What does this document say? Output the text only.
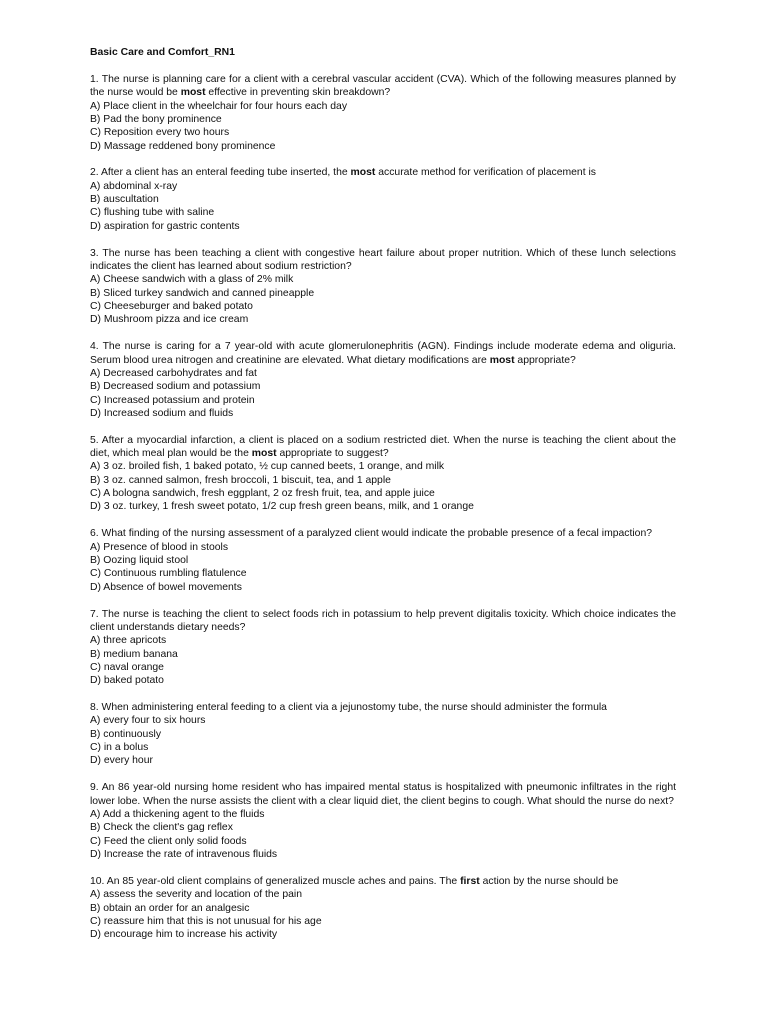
Basic Care and Comfort_RN1

1. The nurse is planning care for a client with a cerebral vascular accident (CVA). Which of the following measures planned by the nurse would be most effective in preventing skin breakdown?

A) Place client in the wheelchair for four hours each day

B) Pad the bony prominence

C) Reposition every two hours

D) Massage reddened bony prominence

2. After a client has an enteral feeding tube inserted, the most accurate method for verification of placement is

A) abdominal x-ray

B) auscultation

C) flushing tube with saline

D) aspiration for gastric contents

3. The nurse has been teaching a client with congestive heart failure about proper nutrition. Which of these lunch selections indicates the client has learned about sodium restriction?

A) Cheese sandwich with a glass of 2% milk

B) Sliced turkey sandwich and canned pineapple

C) Cheeseburger and baked potato

D) Mushroom pizza and ice cream

4. The nurse is caring for a 7 year-old with acute glomerulonephritis (AGN). Findings include moderate edema and oliguria. Serum blood urea nitrogen and creatinine are elevated. What dietary modifications are most appropriate?

A) Decreased carbohydrates and fat

B) Decreased sodium and potassium

C) Increased potassium and protein

D) Increased sodium and fluids

5. After a myocardial infarction, a client is placed on a sodium restricted diet. When the nurse is teaching the client about the diet, which meal plan would be the most appropriate to suggest?

A) 3 oz. broiled fish, 1 baked potato, ½ cup canned beets, 1 orange, and milk

B) 3 oz. canned salmon, fresh broccoli, 1 biscuit, tea, and 1 apple

C) A bologna sandwich, fresh eggplant, 2 oz fresh fruit, tea, and apple juice

D) 3 oz. turkey, 1 fresh sweet potato, 1/2 cup fresh green beans, milk, and 1 orange

6. What finding of the nursing assessment of a paralyzed client would indicate the probable presence of a fecal impaction?

A) Presence of blood in stools

B) Oozing liquid stool

C) Continuous rumbling flatulence

D) Absence of bowel movements

7. The nurse is teaching the client to select foods rich in potassium to help prevent digitalis toxicity. Which choice indicates the client understands dietary needs?

A) three apricots

B) medium banana

C) naval orange

D) baked potato

8. When administering enteral feeding to a client via a jejunostomy tube, the nurse should administer the formula

A) every four to six hours

B) continuously

C) in a bolus

D) every hour

9. An 86 year-old nursing home resident who has impaired mental status is hospitalized with pneumonic infiltrates in the right lower lobe. When the nurse assists the client with a clear liquid diet, the client begins to cough. What should the nurse do next?

A) Add a thickening agent to the fluids

B) Check the client's gag reflex

C) Feed the client only solid foods

D) Increase the rate of intravenous fluids

10. An 85 year-old client complains of generalized muscle aches and pains. The first action by the nurse should be

A) assess the severity and location of the pain

B) obtain an order for an analgesic

C) reassure him that this is not unusual for his age

D) encourage him to increase his activity
